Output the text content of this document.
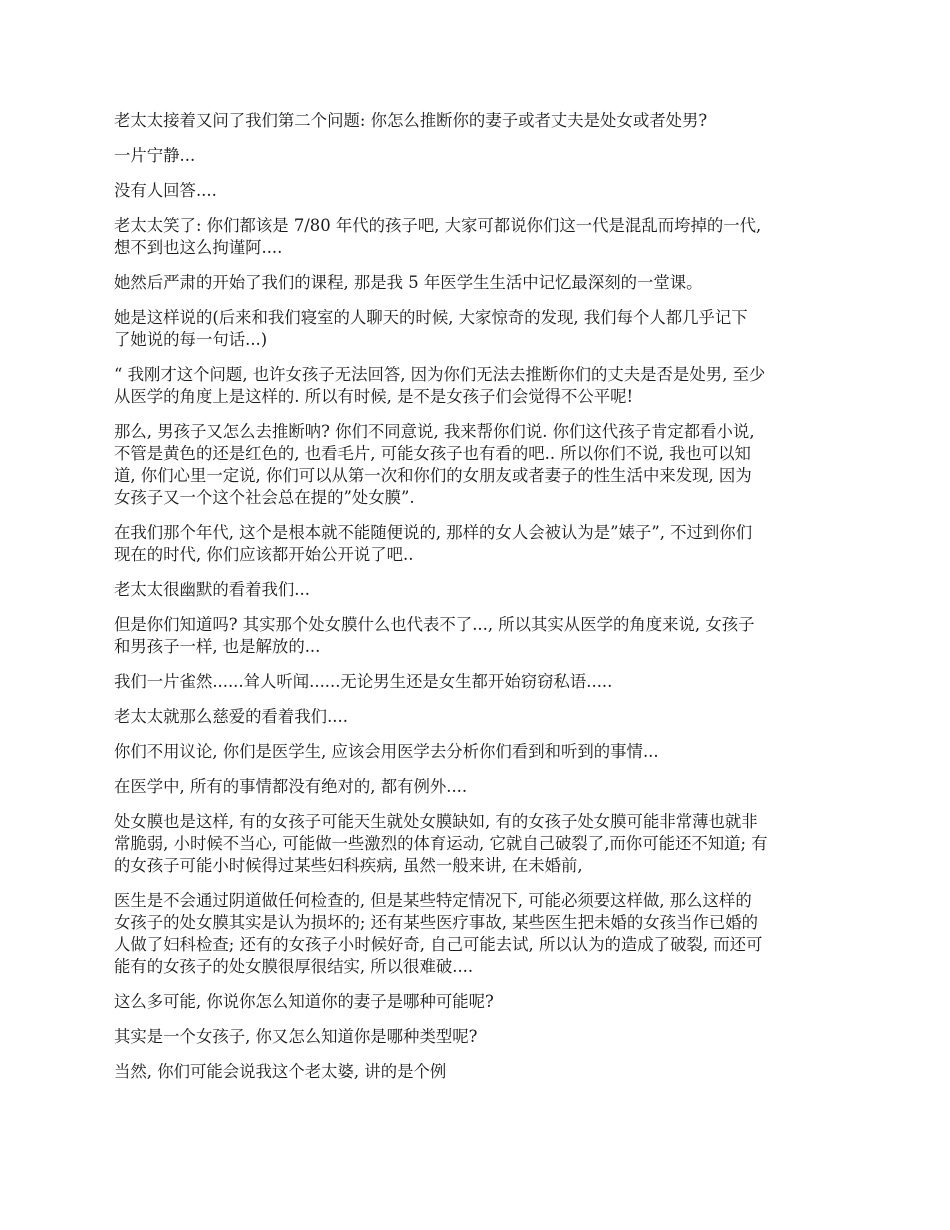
老太太接着又问了我们第二个问题: 你怎么推断你的妻子或者丈夫是处女或者处男?

一片宁静...

没有人回答....

老太太笑了: 你们都该是 7/80 年代的孩子吧, 大家可都说你们这一代是混乱而垮掉的一代,
想不到也这么拘谨阿....

她然后严肃的开始了我们的课程, 那是我 5 年医学生生活中记忆最深刻的一堂课。

她是这样说的(后来和我们寝室的人聊天的时候, 大家惊奇的发现, 我们每个人都几乎记下
了她说的每一句话...)

“ 我刚才这个问题, 也许女孩子无法回答, 因为你们无法去推断你们的丈夫是否是处男, 至少
从医学的角度上是这样的. 所以有时候, 是不是女孩子们会觉得不公平呢!

那么, 男孩子又怎么去推断呐? 你们不同意说, 我来帮你们说. 你们这代孩子肯定都看小说,
不管是黄色的还是红色的, 也看毛片, 可能女孩子也有看的吧.. 所以你们不说, 我也可以知
道, 你们心里一定说, 你们可以从第一次和你们的女朋友或者妻子的性生活中来发现, 因为
女孩子又一个这个社会总在提的”处女膜”.

在我们那个年代, 这个是根本就不能随便说的, 那样的女人会被认为是”婊子”, 不过到你们
现在的时代, 你们应该都开始公开说了吧..

老太太很幽默的看着我们...

但是你们知道吗? 其实那个处女膜什么也代表不了..., 所以其实从医学的角度来说, 女孩子
和男孩子一样, 也是解放的...

我们一片雀然......耸人听闻......无论男生还是女生都开始窃窃私语.....

老太太就那么慈爱的看着我们....

你们不用议论, 你们是医学生, 应该会用医学去分析你们看到和听到的事情...

在医学中, 所有的事情都没有绝对的, 都有例外....

处女膜也是这样, 有的女孩子可能天生就处女膜缺如, 有的女孩子处女膜可能非常薄也就非
常脆弱, 小时候不当心, 可能做一些激烈的体育运动, 它就自己破裂了,而你可能还不知道; 有
的女孩子可能小时候得过某些妇科疾病, 虽然一般来讲, 在未婚前,

医生是不会通过阴道做任何检查的, 但是某些特定情况下, 可能必须要这样做, 那么这样的
女孩子的处女膜其实是认为损坏的; 还有某些医疗事故, 某些医生把未婚的女孩当作已婚的
人做了妇科检查; 还有的女孩子小时候好奇, 自己可能去试, 所以认为的造成了破裂, 而还可
能有的女孩子的处女膜很厚很结实, 所以很难破....

这么多可能, 你说你怎么知道你的妻子是哪种可能呢?

其实是一个女孩子, 你又怎么知道你是哪种类型呢?

当然, 你们可能会说我这个老太婆, 讲的是个例
